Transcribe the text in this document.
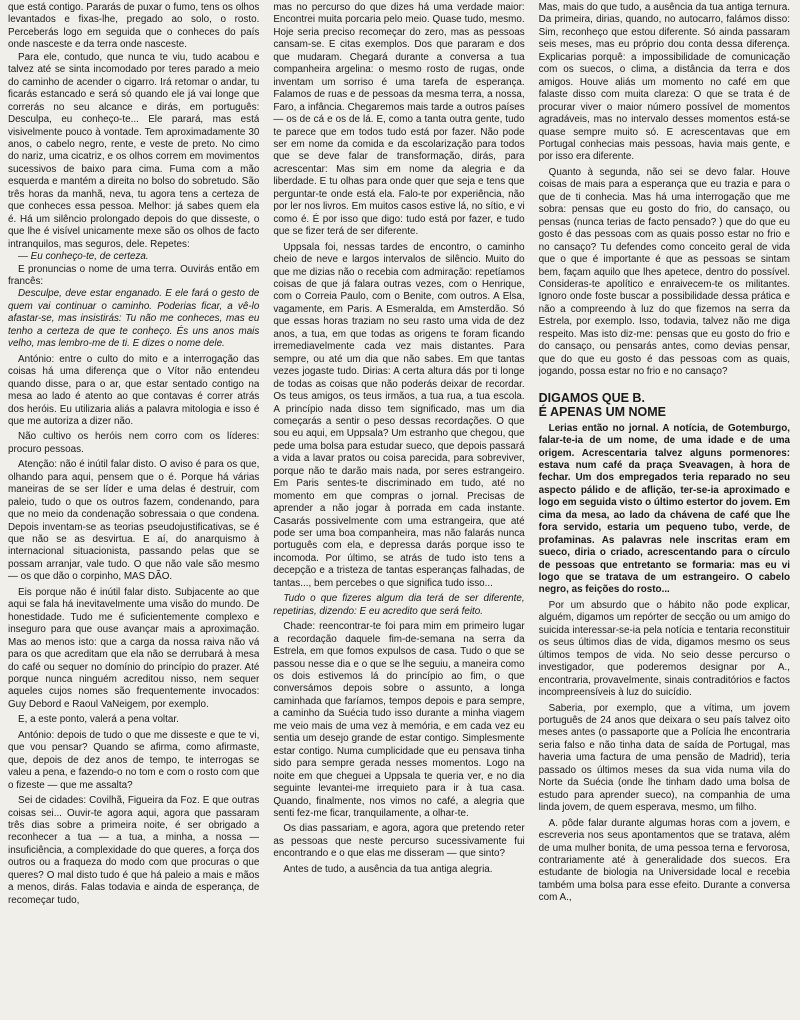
que está contigo. Pararás de puxar o fumo, tens os olhos levantados e fixas-lhe, pregado ao solo, o rosto. Perceberás logo em seguida que o conheces do país onde nasceste e da terra onde nasceste.

Para ele, contudo, que nunca te viu, tudo acabou e talvez até se sinta incomodado por teres parado a meio do caminho de acender o cigarro. Irá retomar o andar, tu ficarás estancado e será só quando ele já vai longe que correrás no seu alcance e dirás, em português: Desculpa, eu conheço-te... Ele parará, mas está visivelmente pouco à vontade. Tem aproximadamente 30 anos, o cabelo negro, rente, e veste de preto. No cimo do nariz, uma cicatriz, e os olhos correm em movimentos sucessivos de baixo para cima. Fuma com a mão esquerda e mantém a direita no bolso do sobretudo. São três horas da manhã, neva, tu agora tens a certeza de que conheces essa pessoa. Melhor: já sabes quem ela é. Há um silêncio prolongado depois do que disseste, o que lhe é visível unicamente mexe são os olhos de facto intranquilos, mas seguros, dele. Repetes:

— Eu conheço-te, de certeza.

E pronuncias o nome de uma terra. Ouvirás então em francês:

Desculpe, deve estar enganado. E ele fará o gesto de quem vai continuar o caminho. Poderias ficar, a vê-lo afastar-se, mas insistirás: Tu não me conheces, mas eu tenho a certeza de que te conheço. És uns anos mais velho, mas lembro-me de ti. E dizes o nome dele.

António: entre o culto do mito e a interrogação das coisas há uma diferença que o Vítor não entendeu quando disse, para o ar, que estar sentado contigo na mesa ao lado é atento ao que contavas é correr atrás dos heróis. Eu utilizaria aliás a palavra mitologia e isso é que me autoriza a dizer não.

Não cultivo os heróis nem corro com os líderes: procuro pessoas.

Atenção: não é inútil falar disto. O aviso é para os que, olhando para aqui, pensem que o é. Porque há várias maneiras de se ser líder e uma delas é destruir, com paleio, tudo o que os outros fazem, condenando, para que no meio da condenação sobressaia o que condena. Depois inventam-se as teorias pseudojustificativas, se é que não se as desvirtua. E aí, do anarquismo à internacional situacionista, passando pelas que se possam arranjar, vale tudo. O que não vale são mesmo — os que dão o corpinho, MAS DÃO.

Eis porque não é inútil falar disto. Subjacente ao que aqui se fala há inevitavelmente uma visão do mundo. De honestidade. Tudo me é suficientemente complexo e inseguro para que ouse avançar mais a aproximação. Mas ao menos isto: que a carga da nossa raiva não vá para os que acreditam que ela não se derrubará à mesa do café ou sequer no domínio do princípio do prazer. Até porque nunca ninguém acreditou nisso, nem sequer aqueles cujos nomes são frequentemente invocados: Guy Debord e Raoul VaNeigem, por exemplo.

E, a este ponto, valerá a pena voltar.

António: depois de tudo o que me disseste e que te vi, que vou pensar? Quando se afirma, como afirmaste, que, depois de dez anos de tempo, te interrogas se valeu a pena, e fazendo-o no tom e com o rosto com que o fizeste — que me assalta?

Sei de cidades: Covilhã, Figueira da Foz. E que outras coisas sei... Ouvir-te agora aqui, agora que passaram três dias sobre a primeira noite, é ser obrigado a reconhecer a tua — a tua, a minha, a nossa — insuficiência, a complexidade do que queres, a força dos outros ou a fraqueza do modo com que procuras o que queres? O mal disto tudo é que há paleio a mais e mãos a menos, dirás. Falas todavia e ainda de esperança, de recomeçar tudo,

mas no percurso do que dizes há uma verdade maior: Encontrei muita porcaria pelo meio. Quase tudo, mesmo. Hoje seria preciso recomeçar do zero, mas as pessoas cansam-se. E citas exemplos. Dos que pararam e dos que mudaram. Chegará durante a conversa a tua companheira argelina: o mesmo rosto de rugas, onde inventam um sorriso é uma tarefa de esperança. Falamos de ruas e de pessoas da mesma terra, a nossa, Faro, a infância. Chegaremos mais tarde a outros países — os de cá e os de lá. E, como a tanta outra gente, tudo te parece que em todos tudo está por fazer. Não pode ser em nome da comida e da escolarização para todos que se deve falar de transformação, dirás, para acrescentar: Mas sim em nome da alegria e da liberdade. E tu olhas para onde quer que seja e tens que perguntar-te onde está ela. Falo-te por experiência, não por ler nos livros. Em muitos casos estive lá, no sítio, e vi como é. É por isso que digo: tudo está por fazer, e tudo que se fizer terá de ser diferente.

Uppsala foi, nessas tardes de encontro, o caminho cheio de neve e largos intervalos de silêncio. Muito do que me dizias não o recebia com admiração: repetíamos coisas de que já falara outras vezes, com o Henrique, com o Correia Paulo, com o Benite, com outros. A Elsa, vagamente, em Paris. A Esmeralda, em Amsterdão. Só que essas horas traziam no seu rasto uma vida de dez anos, a tua, em que todas as origens te foram ficando irremediavelmente cada vez mais distantes. Para sempre, ou até um dia que não sabes. Em que tantas vezes jogaste tudo. Dirias: A certa altura dás por ti longe de todas as coisas que não poderás deixar de recordar. Os teus amigos, os teus irmãos, a tua rua, a tua escola. A princípio nada disso tem significado, mas um dia começarás a sentir o peso dessas recordações. O que sou eu aqui, em Uppsala? Um estranho que chegou, que pede uma bolsa para estudar sueco, que depois passará a vida a lavar pratos ou coisa parecida, para sobreviver, porque não te darão mais nada, por seres estrangeiro. Em Paris sentes-te discriminado em tudo, até no momento em que compras o jornal. Precisas de aprender a não jogar à porrada em cada instante. Casarás possivelmente com uma estrangeira, que até pode ser uma boa companheira, mas não falarás nunca português com ela, e depressa darás porque isso te incomoda. Por último, se atrás de tudo isto tens a decepção e a tristeza de tantas esperanças falhadas, de tantas..., bem percebes o que significa tudo isso...

Tudo o que fizeres algum dia terá de ser diferente, repetirias, dizendo: E eu acredito que será feito.

Chade: reencontrar-te foi para mim em primeiro lugar a recordação daquele fim-de-semana na serra da Estrela, em que fomos expulsos de casa. Tudo o que se passou nesse dia e o que se lhe seguiu, a maneira como os dois estivemos lá do princípio ao fim, o que conversámos depois sobre o assunto, a longa caminhada que faríamos, tempos depois e para sempre, a caminho da Suécia tudo isso durante a minha viagem me veio mais de uma vez à memória, e em cada vez eu sentia um desejo grande de estar contigo. Simplesmente estar contigo. Numa cumplicidade que eu pensava tinha sido para sempre gerada nesses momentos. Logo na noite em que cheguei a Uppsala te queria ver, e no dia seguinte levantei-me irrequieto para ir à tua casa. Quando, finalmente, nos vimos no café, a alegria que senti fez-me ficar, tranquilamente, a olhar-te.

Os dias passariam, e agora, agora que pretendo reter as pessoas que neste percurso sucessivamente fui encontrando e o que elas me disseram — que sinto?

Antes de tudo, a ausência da tua antiga alegria.

Mas, mais do que tudo, a ausência da tua antiga ternura. Da primeira, dirias, quando, no autocarro, falámos disso: Sim, reconheço que estou diferente. Só ainda passaram seis meses, mas eu próprio dou conta dessa diferença. Explicarias porquê: a impossibilidade de comunicação com os suecos, o clima, a distância da terra e dos amigos. Houve aliás um momento no café em que falaste disso com muita clareza: O que se trata é de procurar viver o maior número possível de momentos agradáveis, mas no intervalo desses momentos está-se quase sempre muito só. E acrescentavas que em Portugal conhecias mais pessoas, havia mais gente, e por isso era diferente.

Quanto à segunda, não sei se devo falar. Houve coisas de mais para a esperança que eu trazia e para o que de ti conhecia. Mas há uma interrogação que me sobra: pensas que eu gosto do frio, do cansaço, ou pensas (nunca terias de facto pensado? ) que do que eu gosto é das pessoas com as quais posso estar no frio e no cansaço? Tu defendes como conceito geral de vida que o que é importante é que as pessoas se sintam bem, façam aquilo que lhes apetece, dentro do possível. Consideras-te apolítico e enraivecem-te os militantes. Ignoro onde foste buscar a possibilidade dessa prática e não a compreendo à luz do que fizemos na serra da Estrela, por exemplo. Isso, todavia, talvez não me diga respeito. Mas isto diz-me: pensas que eu gosto do frio e do cansaço, ou pensarás antes, como devias pensar, que do que eu gosto é das pessoas com as quais, jogando, possa estar no frio e no cansaço?

DIGAMOS QUE B.
É APENAS UM NOME

Lerias então no jornal. A notícia, de Gotemburgo, falar-te-ia de um nome, de uma idade e de uma origem. Acrescentaria talvez alguns pormenores: estava num café da praça Sveavagen, à hora de fechar. Um dos empregados teria reparado no seu aspecto pálido e de aflição, ter-se-ia aproximado e logo em seguida visto o último estertor do jovem. Em cima da mesa, ao lado da chávena de café que lhe fora servido, estaria um pequeno tubo, verde, de profaminas. As palavras nele inscritas eram em sueco, diria o criado, acrescentando para o círculo de pessoas que entretanto se formaria: mas eu vi logo que se tratava de um estrangeiro. O cabelo negro, as feições do rosto...

Por um absurdo que o hábito não pode explicar, alguém, digamos um repórter de secção ou um amigo do suicida interessar-se-ia pela notícia e tentaria reconstituir os seus últimos dias de vida, digamos mesmo os seus últimos tempos de vida. No seio desse percurso o investigador, que poderemos designar por A., encontraria, provavelmente, sinais contraditórios e factos incompreensíveis à luz do suicídio.

Saberia, por exemplo, que a vítima, um jovem português de 24 anos que deixara o seu país talvez oito meses antes (o passaporte que a Polícia lhe encontraria seria falso e não tinha data de saída de Portugal, mas haveria uma factura de uma pensão de Madrid), teria passado os últimos meses da sua vida numa vila do Norte da Suécia (onde lhe tinham dado uma bolsa de estudo para aprender sueco), na companhia de uma linda jovem, de quem esperava, mesmo, um filho.

A. pôde falar durante algumas horas com a jovem, e escreveria nos seus apontamentos que se tratava, além de uma mulher bonita, de uma pessoa terna e fervorosa, contrariamente até à generalidade dos suecos. Era estudante de biologia na Universidade local e recebia também uma bolsa para esse efeito. Durante a conversa com A.,
